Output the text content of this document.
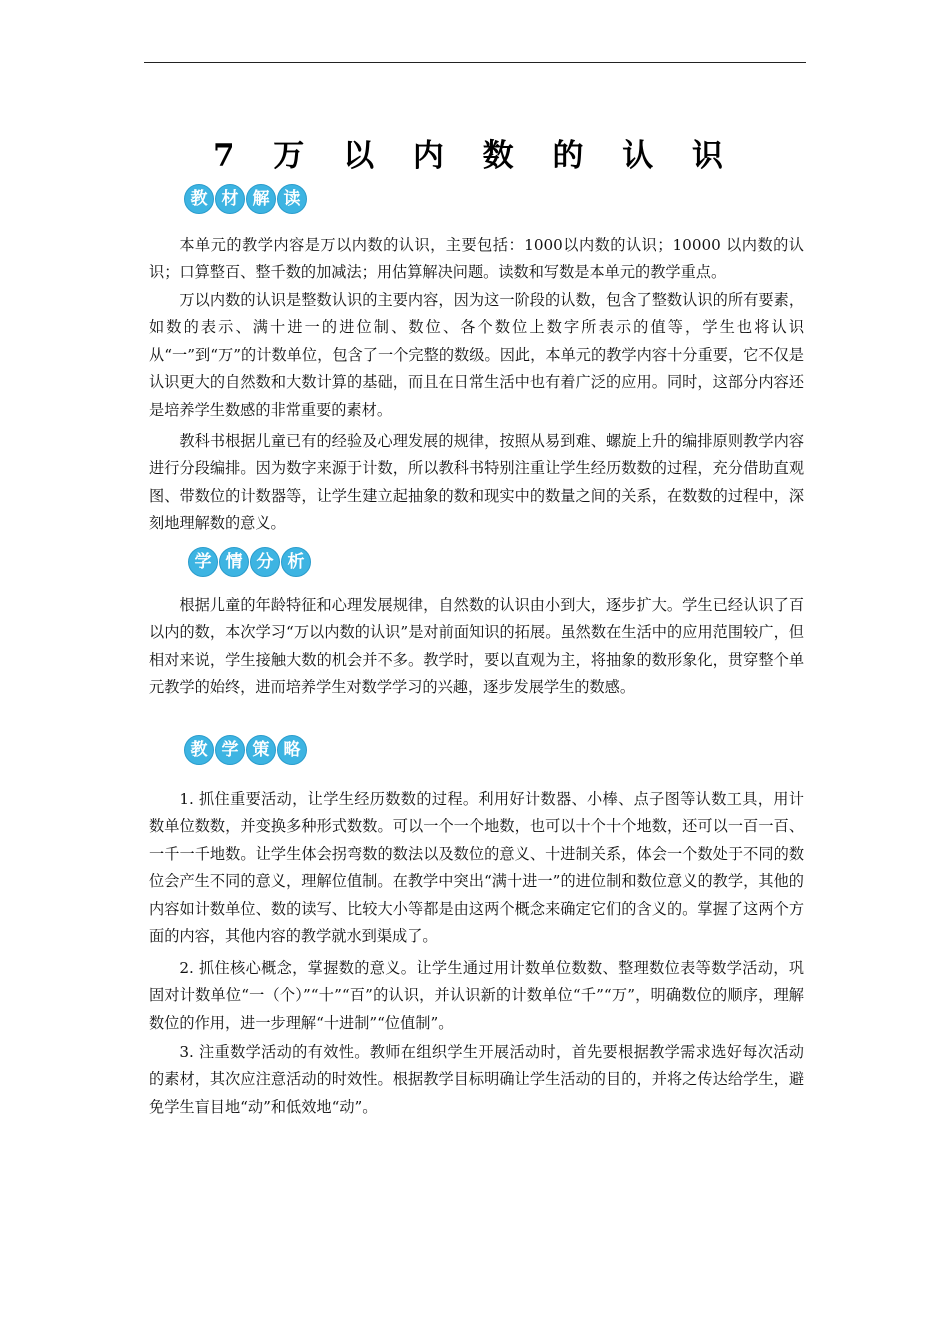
7 万 以 内 数 的 认 识
教 材 解 读

本单元的教学内容是万以内数的认识，主要包括：1000以内数的认识；10000 以内数的认识；口算整百、整千数的加减法；用估算解决问题。读数和写数是本单元的教学重点。

万以内数的认识是整数认识的主要内容，因为这一阶段的认数，包含了整数认识的所有要素，如数的表示、满十进一的进位制、数位、各个数位上数字所表示的值等，学生也将认识从“一”到“万”的计数单位，包含了一个完整的数级。因此，本单元的教学内容十分重要，它不仅是认识更大的自然数和大数计算的基础，而且在日常生活中也有着广泛的应用。同时，这部分内容还是培养学生数感的非常重要的素材。

教科书根据儿童已有的经验及心理发展的规律，按照从易到难、螺旋上升的编排原则教学内容进行分段编排。因为数字来源于计数，所以教科书特别注重让学生经历数数的过程，充分借助直观图、带数位的计数器等，让学生建立起抽象的数和现实中的数量之间的关系，在数数的过程中，深刻地理解数的意义。

学 情 分 析

根据儿童的年龄特征和心理发展规律，自然数的认识由小到大，逐步扩大。学生已经认识了百以内的数，本次学习“万以内数的认识”是对前面知识的拓展。虽然数在生活中的应用范围较广，但相对来说，学生接触大数的机会并不多。教学时，要以直观为主，将抽象的数形象化，贯穿整个单元教学的始终，进而培养学生对数学学习的兴趣，逐步发展学生的数感。

教 学 策 略

1. 抓住重要活动，让学生经历数数的过程。利用好计数器、小棒、点子图等认数工具，用计数单位数数，并变换多种形式数数。可以一个一个地数，也可以十个十个地数，还可以一百一百、一千一千地数。让学生体会拐弯数的数法以及数位的意义、十进制关系，体会一个数处于不同的数位会产生不同的意义，理解位值制。在教学中突出“满十进一”的进位制和数位意义的教学，其他的内容如计数单位、数的读写、比较大小等都是由这两个概念来确定它们的含义的。掌握了这两个方面的内容，其他内容的教学就水到渠成了。

2. 抓住核心概念，掌握数的意义。让学生通过用计数单位数数、整理数位表等数学活动，巩固对计数单位“一（个）”“十”“百”的认识，并认识新的计数单位“千”“万”，明确数位的顺序，理解数位的作用，进一步理解“十进制”“位值制”。

3. 注重数学活动的有效性。教师在组织学生开展活动时，首先要根据教学需求选好每次活动的素材，其次应注意活动的时效性。根据教学目标明确让学生活动的目的，并将之传达给学生，避免学生盲目地“动”和低效地“动”。
